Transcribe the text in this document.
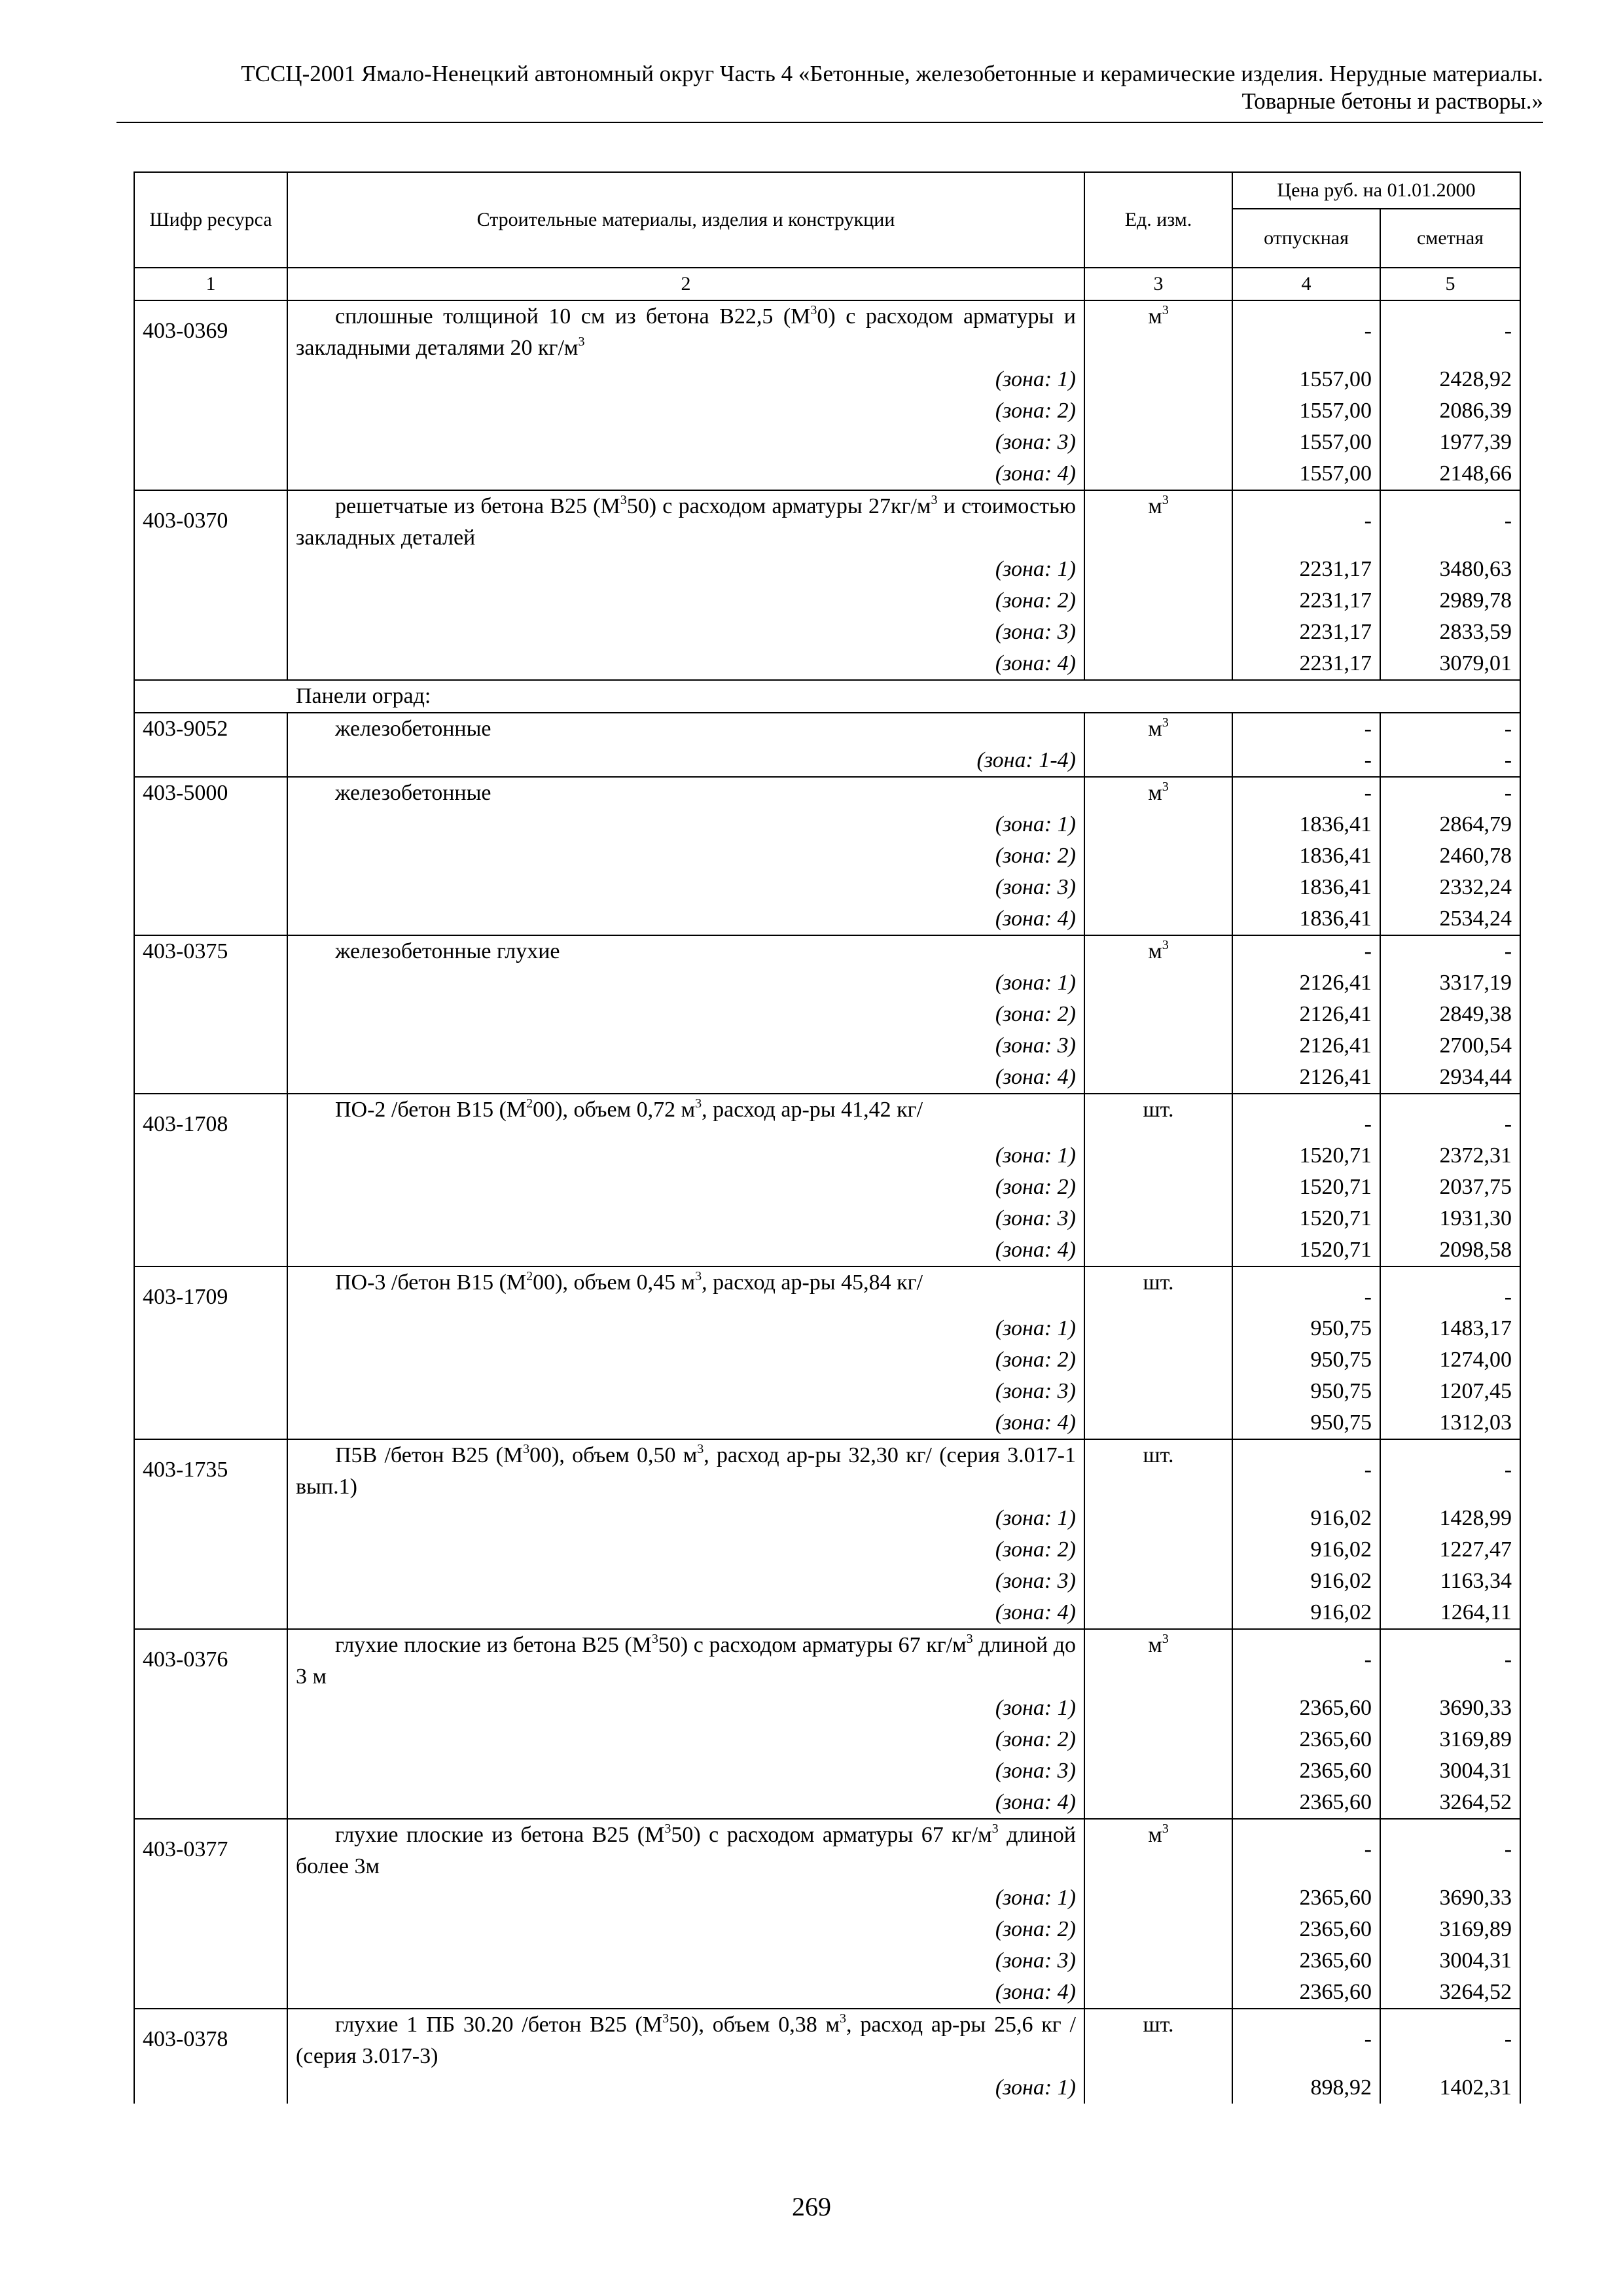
ТССЦ-2001 Ямало-Ненецкий автономный округ Часть 4 «Бетонные, железобетонные и керамические изделия. Нерудные материалы.
Товарные бетоны и растворы.»
Шифр ресурса	Строительные материалы, изделия и конструкции	Ед. изм.	Цена руб. на 01.01.2000	
			отпускная	сметная
1	2	3	4	5
403-0369	сплошные толщиной 10 см из бетона В22,5 $(М^30)$ с расходом арматуры и закладными деталями 20 $кг/м^3$	$м^3$	-	-
	(зона: 1)		1557,00	2428,92
	(зона: 2)		1557,00	2086,39
	(зона: 3)		1557,00	1977,39
	(зона: 4)		1557,00	2148,66
403-0370	решетчатые из бетона В25 $(М^350)$ с расходом арматуры $27кг/м^3$ и стоимостью закладных деталей	$м^3$	-	-
	(зона: 1)		2231,17	3480,63
	(зона: 2)		2231,17	2989,78
	(зона: 3)		2231,17	2833,59
	(зона: 4)		2231,17	3079,01
Панели оград:				
403-9052	железобетонные	$м^3$	-	-
	(зона: 1-4)		-	-
403-5000	железобетонные	$м^3$	-	-
	(зона: 1)		1836,41	2864,79
	(зона: 2)		1836,41	2460,78
	(зона: 3)		1836,41	2332,24
	(зона: 4)		1836,41	2534,24
403-0375	железобетонные глухие	$м^3$	-	-
	(зона: 1)		2126,41	3317,19
	(зона: 2)		2126,41	2849,38
	(зона: 3)		2126,41	2700,54
	(зона: 4)		2126,41	2934,44
403-1708	ПО-2 /бетон В15 $(М^200)$, объем 0,72 $м^3$, расход ар-ры 41,42 кг/	шт.	-	-
	(зона: 1)		1520,71	2372,31
	(зона: 2)		1520,71	2037,75
	(зона: 3)		1520,71	1931,30
	(зона: 4)		1520,71	2098,58
403-1709	ПО-3 /бетон В15 $(М^200)$, объем 0,45 $м^3$, расход ар-ры 45,84 кг/	шт.	-	-
	(зона: 1)		950,75	1483,17
	(зона: 2)		950,75	1274,00
	(зона: 3)		950,75	1207,45
	(зона: 4)		950,75	1312,03
403-1735	П5В /бетон В25 $(М^300)$, объем 0,50 $м^3$, расход ар-ры 32,30 кг/ (серия 3.017-1 вып.1)	шт.	-	-
	(зона: 1)		916,02	1428,99
	(зона: 2)		916,02	1227,47
	(зона: 3)		916,02	1163,34
	(зона: 4)		916,02	1264,11
403-0376	глухие плоские из бетона В25 $(М^350)$ с расходом арматуры 67 $кг/м^3$ длиной до 3 м	$м^3$	-	-
	(зона: 1)		2365,60	3690,33
	(зона: 2)		2365,60	3169,89
	(зона: 3)		2365,60	3004,31
	(зона: 4)		2365,60	3264,52
403-0377	глухие плоские из бетона В25 $(М^350)$ с расходом арматуры 67 $кг/м^3$ длиной более 3м	$м^3$	-	-
	(зона: 1)		2365,60	3690,33
	(зона: 2)		2365,60	3169,89
	(зона: 3)		2365,60	3004,31
	(зона: 4)		2365,60	3264,52
403-0378	глухие 1 ПБ 30.20 /бетон В25 $(М^350)$, объем 0,38 $м^3$, расход ар-ры 25,6 кг / (серия 3.017-3)	шт.	-	-
	(зона: 1)		898,92	1402,31
269
